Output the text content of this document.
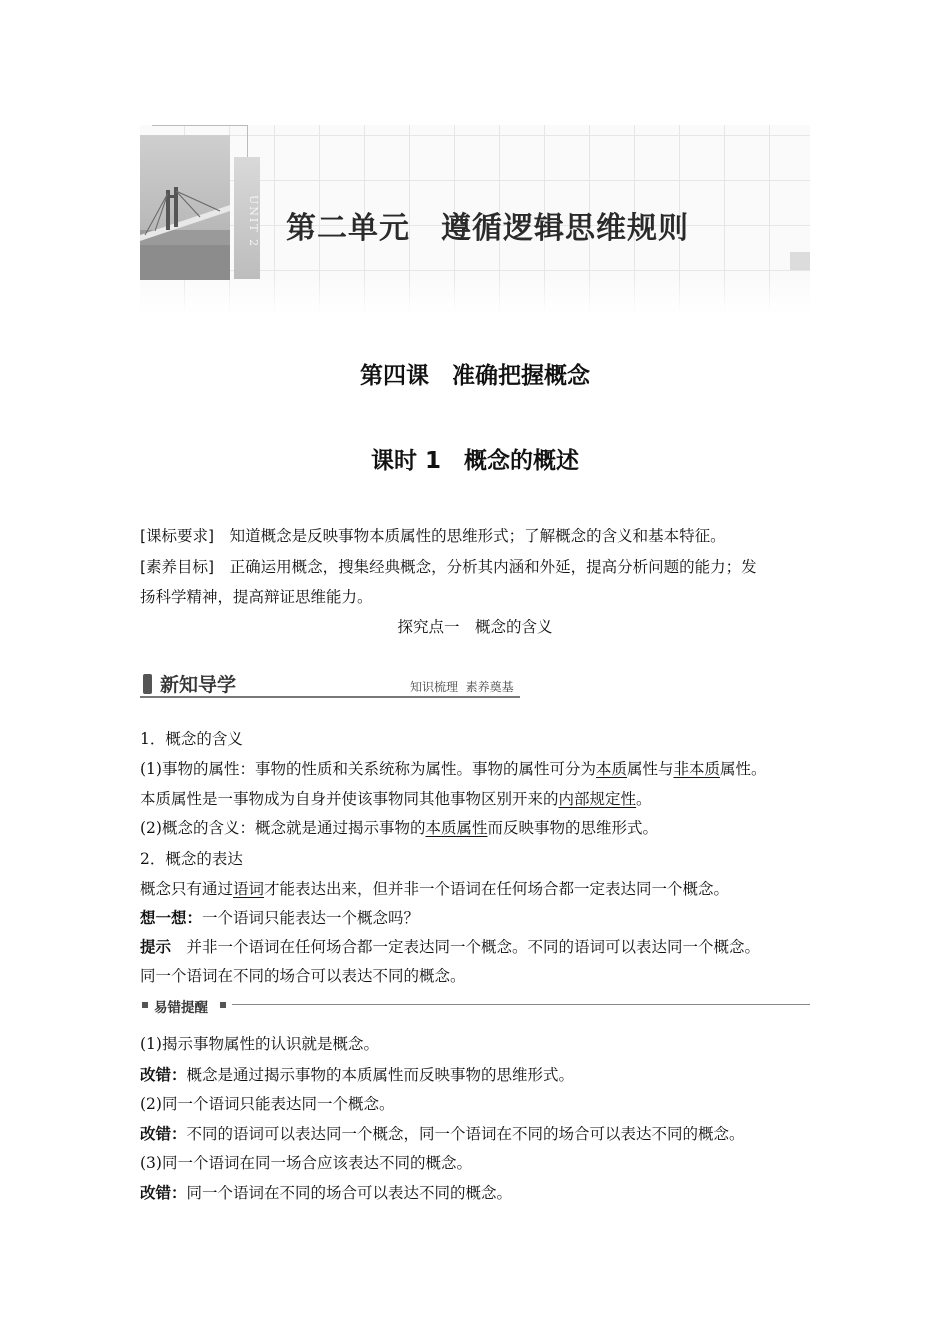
UNIT 2 第二单元　遵循逻辑思维规则
第四课　准确把握概念
课时 1　概念的概述
[课标要求]　知道概念是反映事物本质属性的思维形式；了解概念的含义和基本特征。
[素养目标]　正确运用概念，搜集经典概念，分析其内涵和外延，提高分析问题的能力；发
扬科学精神，提高辩证思维能力。
探究点一　概念的含义
新知导学	知识梳理  素养奠基
1．概念的含义
(1)事物的属性：事物的性质和关系统称为属性。事物的属性可分为本质属性与非本质属性。
本质属性是一事物成为自身并使该事物同其他事物区别开来的内部规定性。
(2)概念的含义：概念就是通过揭示事物的本质属性而反映事物的思维形式。
2．概念的表达
概念只有通过语词才能表达出来，但并非一个语词在任何场合都一定表达同一个概念。
想一想：一个语词只能表达一个概念吗？
提示　并非一个语词在任何场合都一定表达同一个概念。不同的语词可以表达同一个概念。
同一个语词在不同的场合可以表达不同的概念。
易错提醒
(1)揭示事物属性的认识就是概念。
改错：概念是通过揭示事物的本质属性而反映事物的思维形式。
(2)同一个语词只能表达同一个概念。
改错：不同的语词可以表达同一个概念，同一个语词在不同的场合可以表达不同的概念。
(3)同一个语词在同一场合应该表达不同的概念。
改错：同一个语词在不同的场合可以表达不同的概念。
